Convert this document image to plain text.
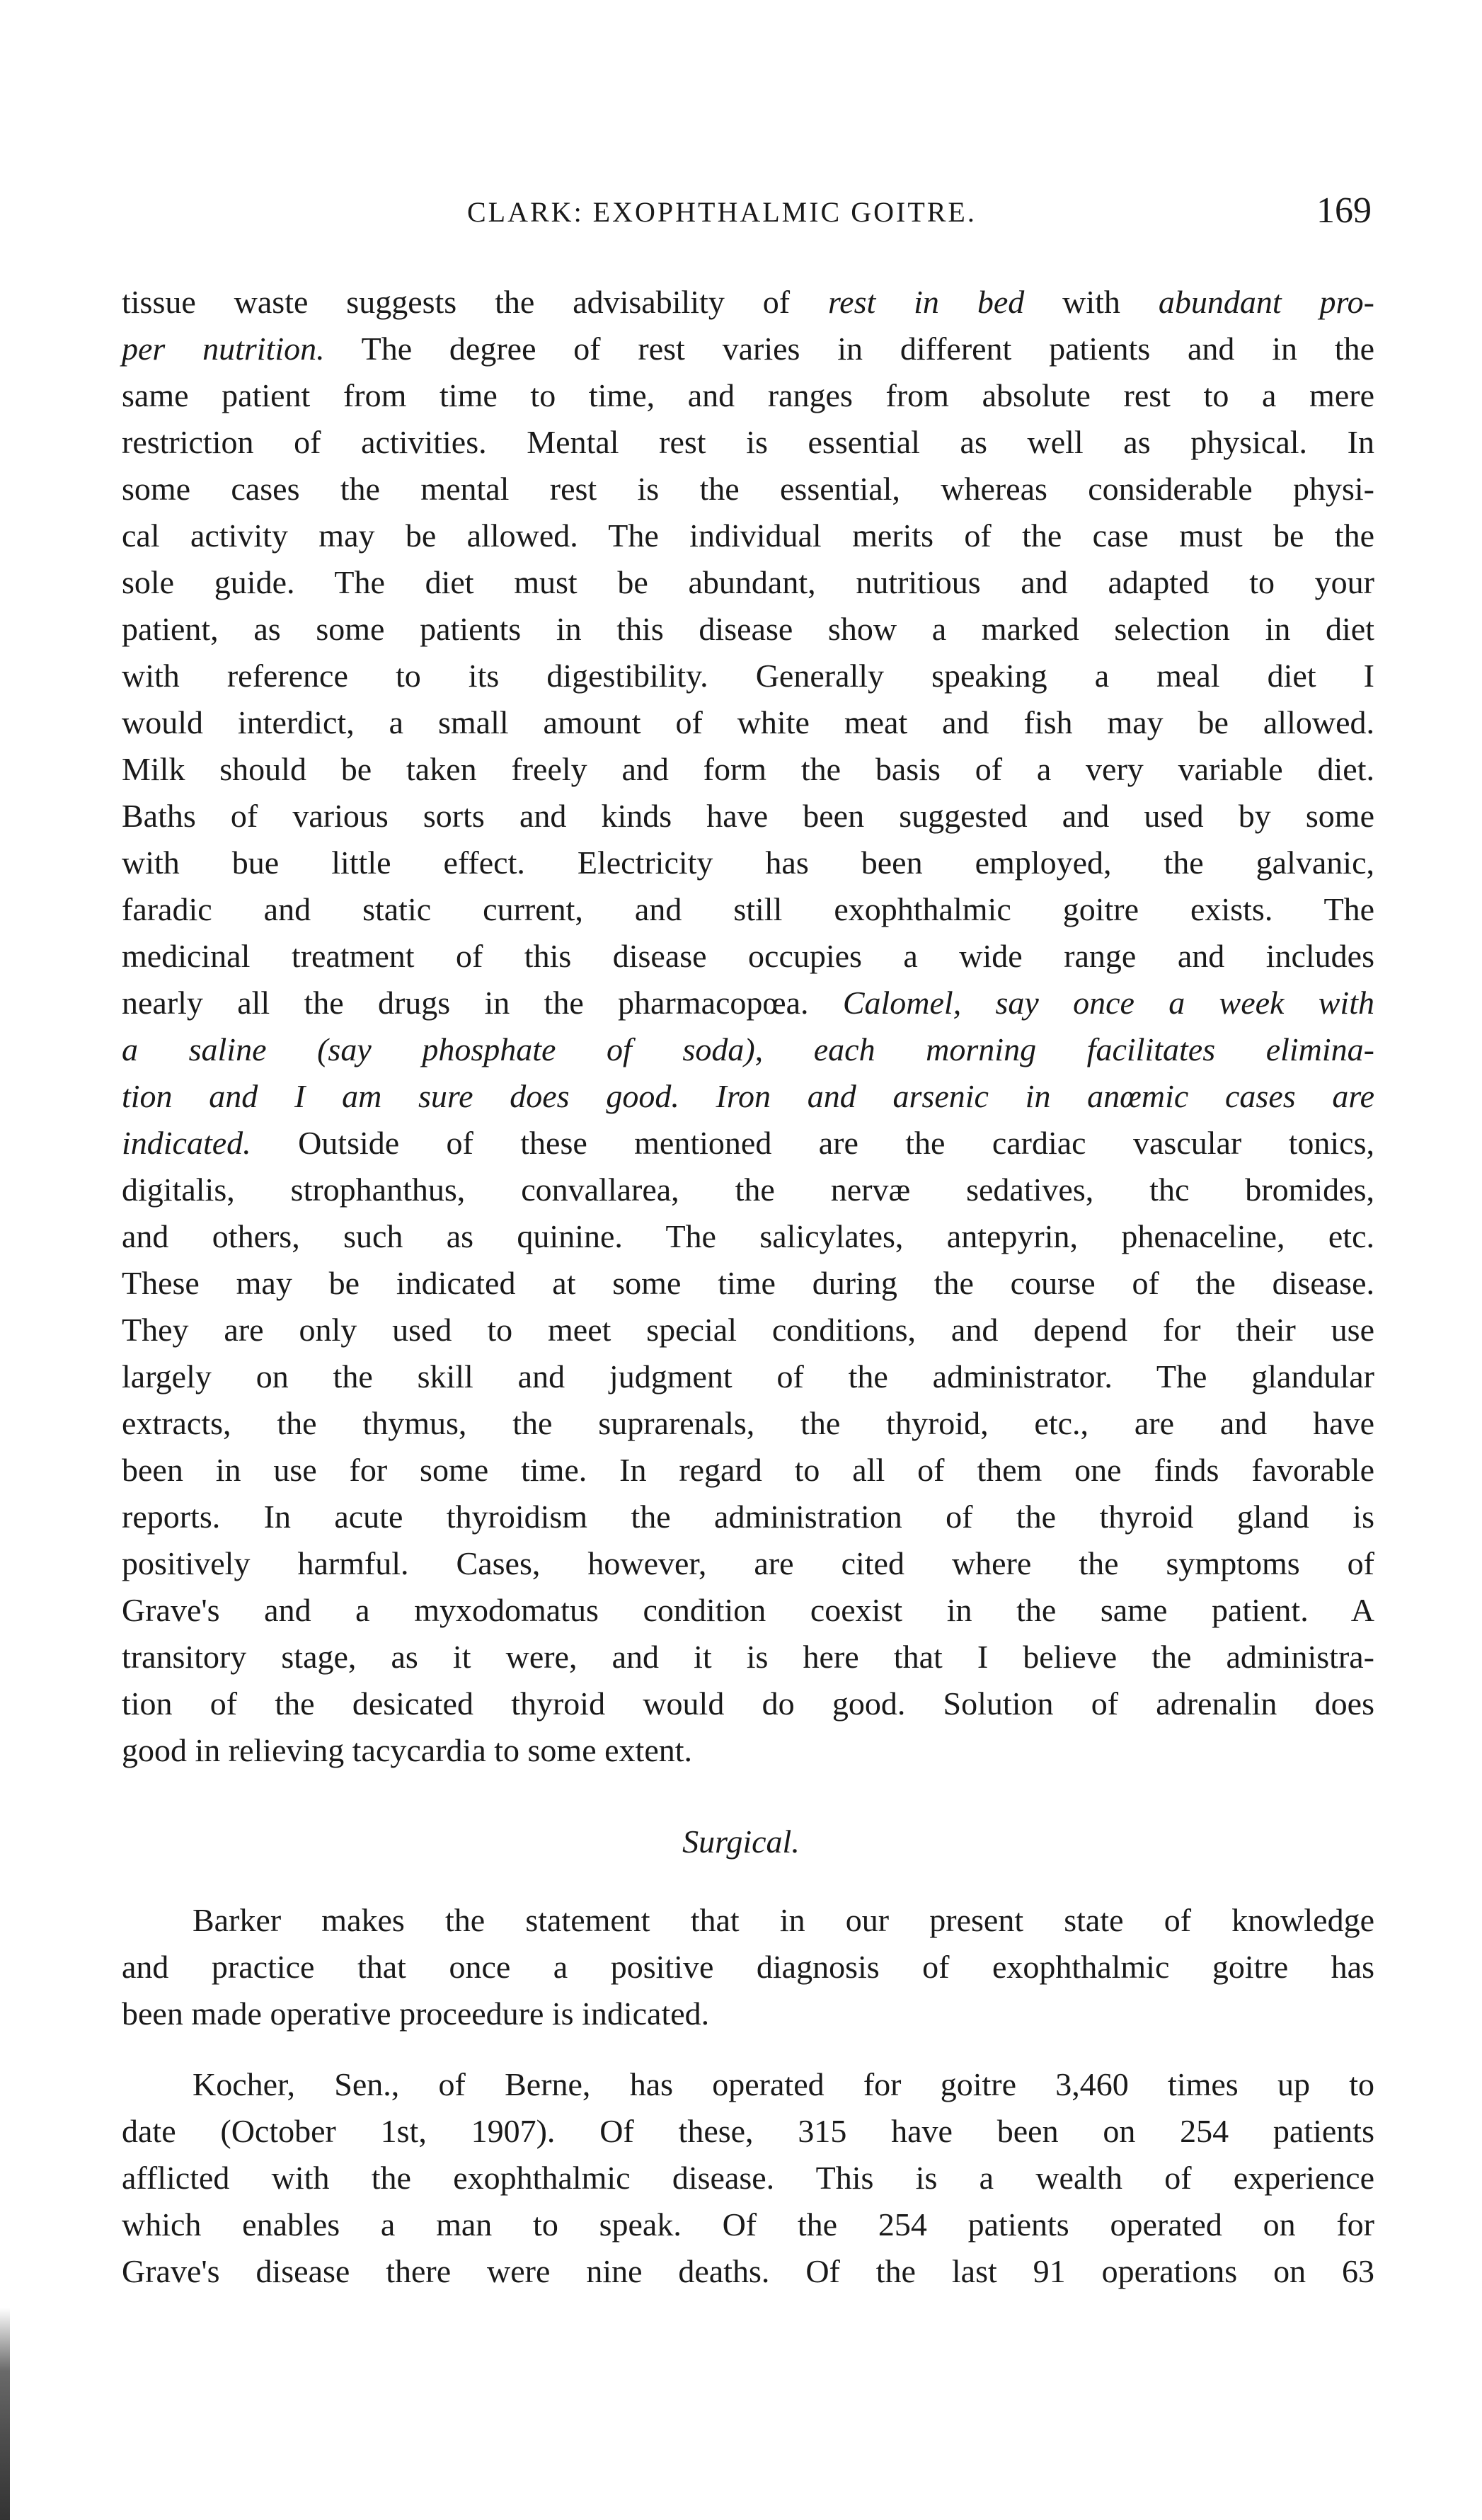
CLARK: EXOPHTHALMIC GOITRE.	169
tissue waste suggests the advisability of rest in bed with abundant pro-
per nutrition. The degree of rest varies in different patients and in the
same patient from time to time, and ranges from absolute rest to a mere
restriction of activities. Mental rest is essential as well as physical. In
some cases the mental rest is the essential, whereas considerable physi-
cal activity may be allowed. The individual merits of the case must be the
sole guide. The diet must be abundant, nutritious and adapted to your
patient, as some patients in this disease show a marked selection in diet
with reference to its digestibility. Generally speaking a meal diet I
would interdict, a small amount of white meat and fish may be allowed.
Milk should be taken freely and form the basis of a very variable diet.
Baths of various sorts and kinds have been suggested and used by some
with bue little effect. Electricity has been employed, the galvanic,
faradic and static current, and still exophthalmic goitre exists. The
medicinal treatment of this disease occupies a wide range and includes
nearly all the drugs in the pharmacopœa. Calomel, say once a week with
a saline (say phosphate of soda), each morning facilitates elimina-
tion and I am sure does good. Iron and arsenic in anœmic cases are
indicated. Outside of these mentioned are the cardiac vascular tonics,
digitalis, strophanthus, convallarea, the nervæ sedatives, thc bromides,
and others, such as quinine. The salicylates, antepyrin, phenaceline, etc.
These may be indicated at some time during the course of the disease.
They are only used to meet special conditions, and depend for their use
largely on the skill and judgment of the administrator. The glandular
extracts, the thymus, the suprarenals, the thyroid, etc., are and have
been in use for some time. In regard to all of them one finds favorable
reports. In acute thyroidism the administration of the thyroid gland is
positively harmful. Cases, however, are cited where the symptoms of
Grave's and a myxodomatus condition coexist in the same patient. A
transitory stage, as it were, and it is here that I believe the administra-
tion of the desicated thyroid would do good. Solution of adrenalin does
good in relieving tacycardia to some extent.
Surgical.
Barker makes the statement that in our present state of knowledge
and practice that once a positive diagnosis of exophthalmic goitre has
been made operative proceedure is indicated.
Kocher, Sen., of Berne, has operated for goitre 3,460 times up to
date (October 1st, 1907). Of these, 315 have been on 254 patients
afflicted with the exophthalmic disease. This is a wealth of experience
which enables a man to speak. Of the 254 patients operated on for
Grave's disease there were nine deaths. Of the last 91 operations on 63
